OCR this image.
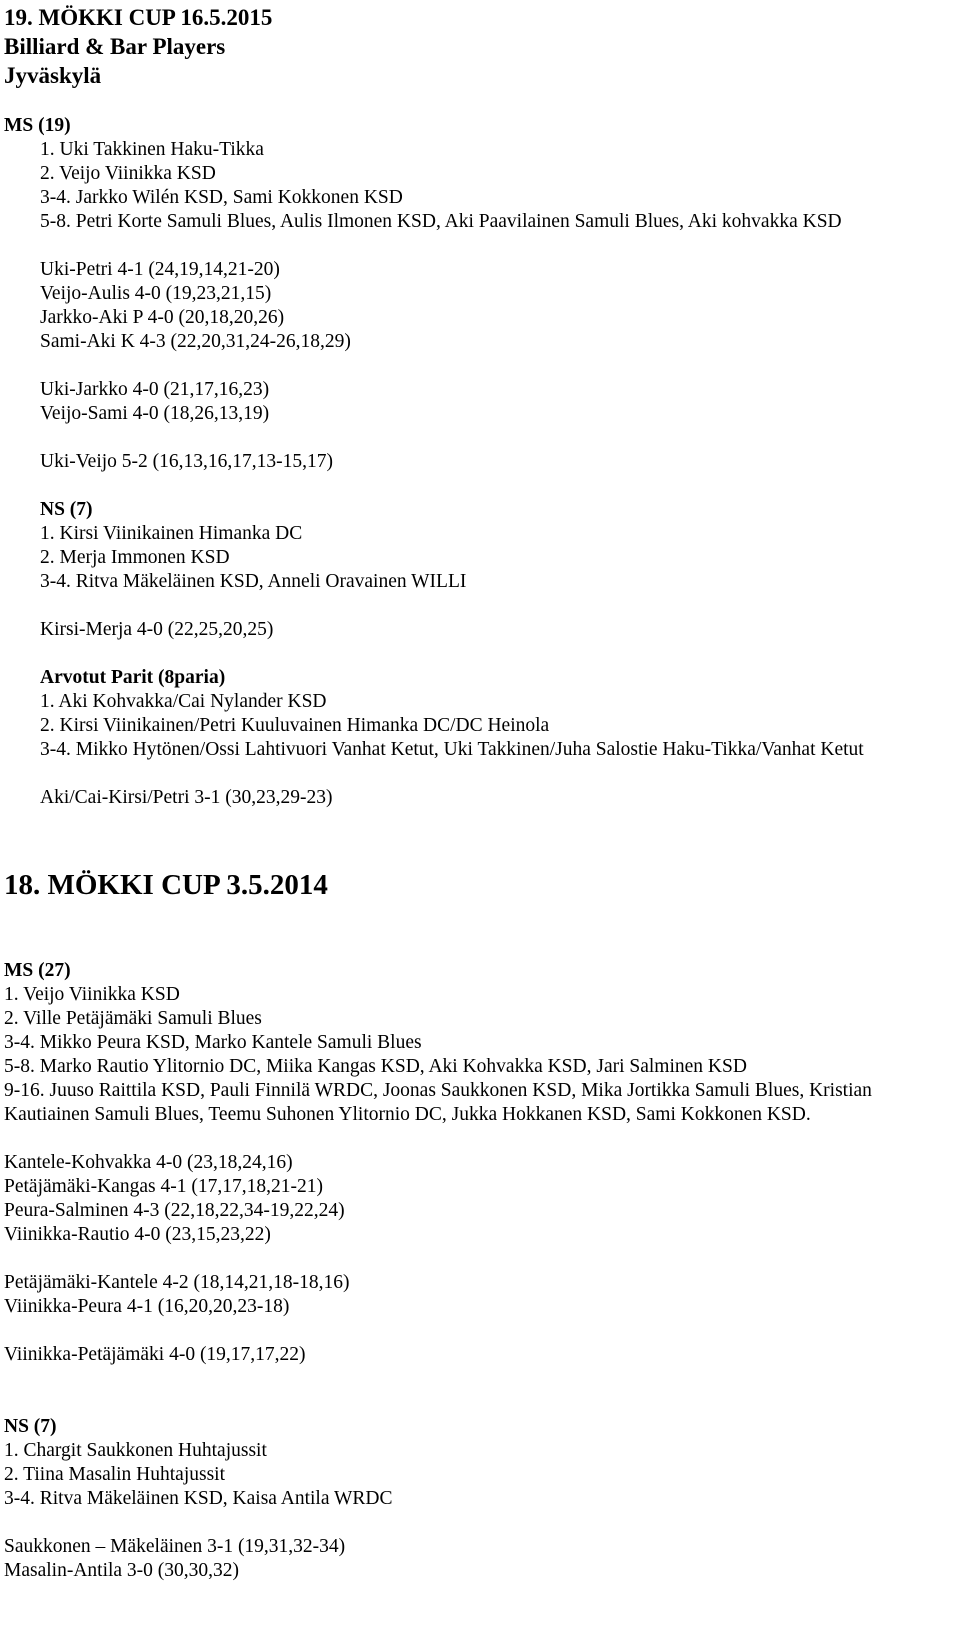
19. MÖKKI CUP 16.5.2015
Billiard & Bar Players
Jyväskylä
MS (19)
1. Uki Takkinen Haku-Tikka
2. Veijo Viinikka KSD
3-4. Jarkko Wilén KSD, Sami Kokkonen KSD
5-8. Petri Korte Samuli Blues, Aulis Ilmonen KSD, Aki Paavilainen Samuli Blues, Aki kohvakka KSD
Uki-Petri 4-1 (24,19,14,21-20)
Veijo-Aulis 4-0 (19,23,21,15)
Jarkko-Aki P 4-0 (20,18,20,26)
Sami-Aki K 4-3 (22,20,31,24-26,18,29)
Uki-Jarkko 4-0 (21,17,16,23)
Veijo-Sami 4-0 (18,26,13,19)
Uki-Veijo 5-2 (16,13,16,17,13-15,17)
NS (7)
1. Kirsi Viinikainen Himanka DC
2. Merja Immonen KSD
3-4. Ritva Mäkeläinen KSD, Anneli Oravainen WILLI
Kirsi-Merja 4-0 (22,25,20,25)
Arvotut Parit (8paria)
1. Aki Kohvakka/Cai Nylander KSD
2. Kirsi Viinikainen/Petri Kuuluvainen Himanka DC/DC Heinola
3-4. Mikko Hytönen/Ossi Lahtivuori Vanhat Ketut, Uki Takkinen/Juha Salostie Haku-Tikka/Vanhat Ketut
Aki/Cai-Kirsi/Petri 3-1 (30,23,29-23)
18. MÖKKI CUP 3.5.2014
MS (27)
1. Veijo Viinikka KSD
2. Ville Petäjämäki Samuli Blues
3-4. Mikko Peura KSD, Marko Kantele Samuli Blues
5-8. Marko Rautio Ylitornio DC, Miika Kangas KSD, Aki Kohvakka KSD, Jari Salminen KSD
9-16. Juuso Raittila KSD, Pauli Finnilä WRDC, Joonas Saukkonen KSD, Mika Jortikka Samuli Blues, Kristian
Kautiainen Samuli Blues, Teemu Suhonen Ylitornio DC, Jukka Hokkanen KSD, Sami Kokkonen KSD.
Kantele-Kohvakka 4-0 (23,18,24,16)
Petäjämäki-Kangas 4-1 (17,17,18,21-21)
Peura-Salminen 4-3 (22,18,22,34-19,22,24)
Viinikka-Rautio 4-0 (23,15,23,22)
Petäjämäki-Kantele 4-2 (18,14,21,18-18,16)
Viinikka-Peura 4-1 (16,20,20,23-18)
Viinikka-Petäjämäki 4-0 (19,17,17,22)
NS (7)
1. Chargit Saukkonen Huhtajussit
2. Tiina Masalin Huhtajussit
3-4. Ritva Mäkeläinen KSD, Kaisa Antila WRDC
Saukkonen – Mäkeläinen 3-1 (19,31,32-34)
Masalin-Antila 3-0 (30,30,32)
